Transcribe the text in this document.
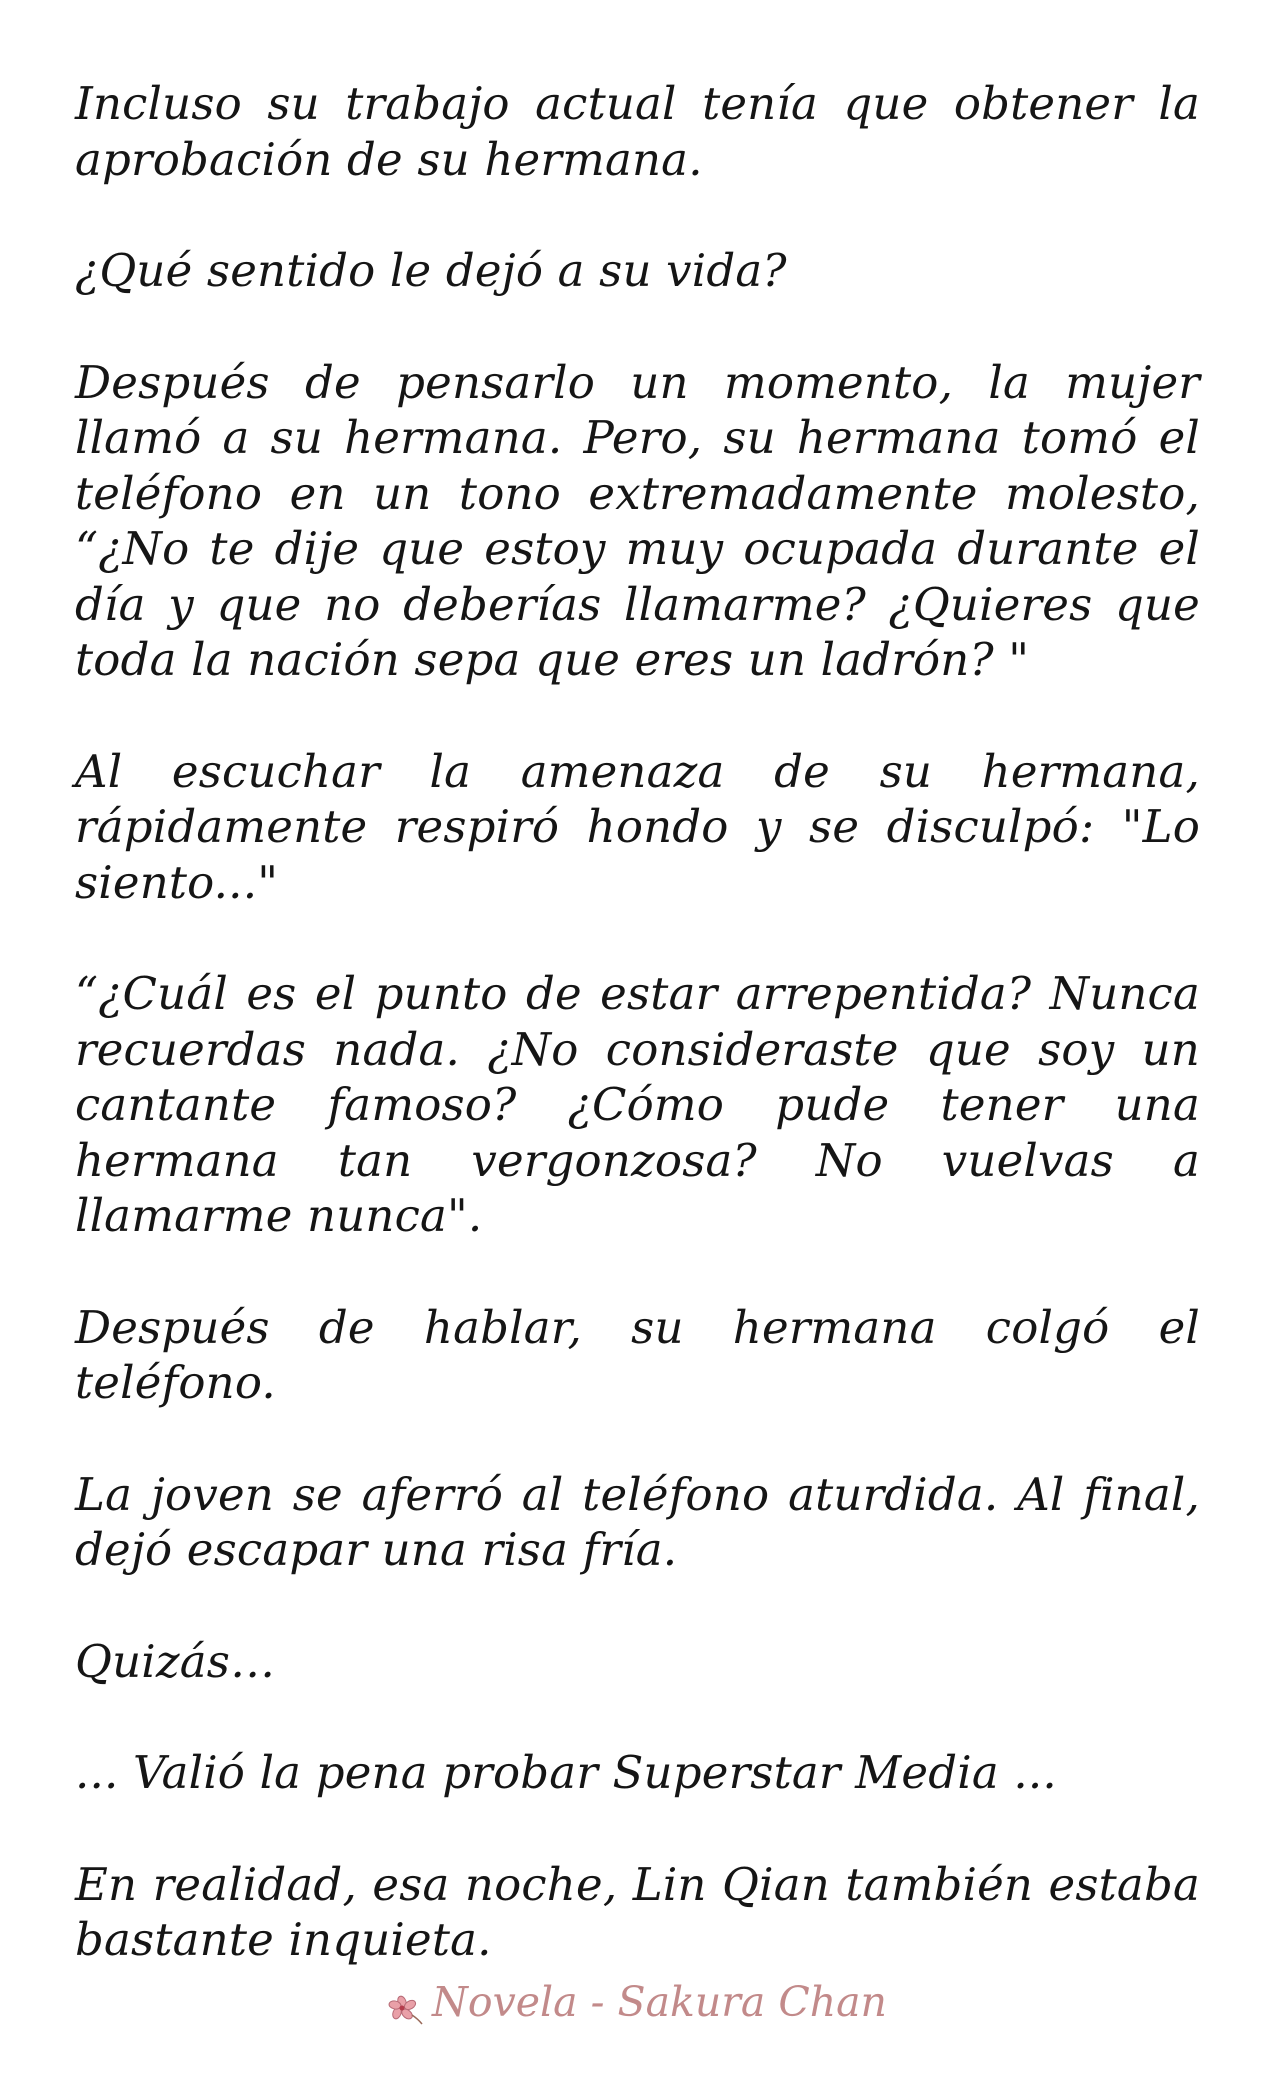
Incluso su trabajo actual tenía que obtener la aprobación de su hermana.

¿Qué sentido le dejó a su vida?

Después de pensarlo un momento, la mujer llamó a su hermana. Pero, su hermana tomó el teléfono en un tono extremadamente molesto, “¿No te dije que estoy muy ocupada durante el día y que no deberías llamarme? ¿Quieres que toda la nación sepa que eres un ladrón? "

Al escuchar la amenaza de su hermana, rápidamente respiró hondo y se disculpó: "Lo siento..."

“¿Cuál es el punto de estar arrepentida? Nunca recuerdas nada. ¿No consideraste que soy un cantante famoso? ¿Cómo pude tener una hermana tan vergonzosa? No vuelvas a llamarme nunca".

Después de hablar, su hermana colgó el teléfono.

La joven se aferró al teléfono aturdida. Al final, dejó escapar una risa fría.

Quizás…

... Valió la pena probar Superstar Media ...

En realidad, esa noche, Lin Qian también estaba bastante inquieta.

Novela - Sakura Chan
